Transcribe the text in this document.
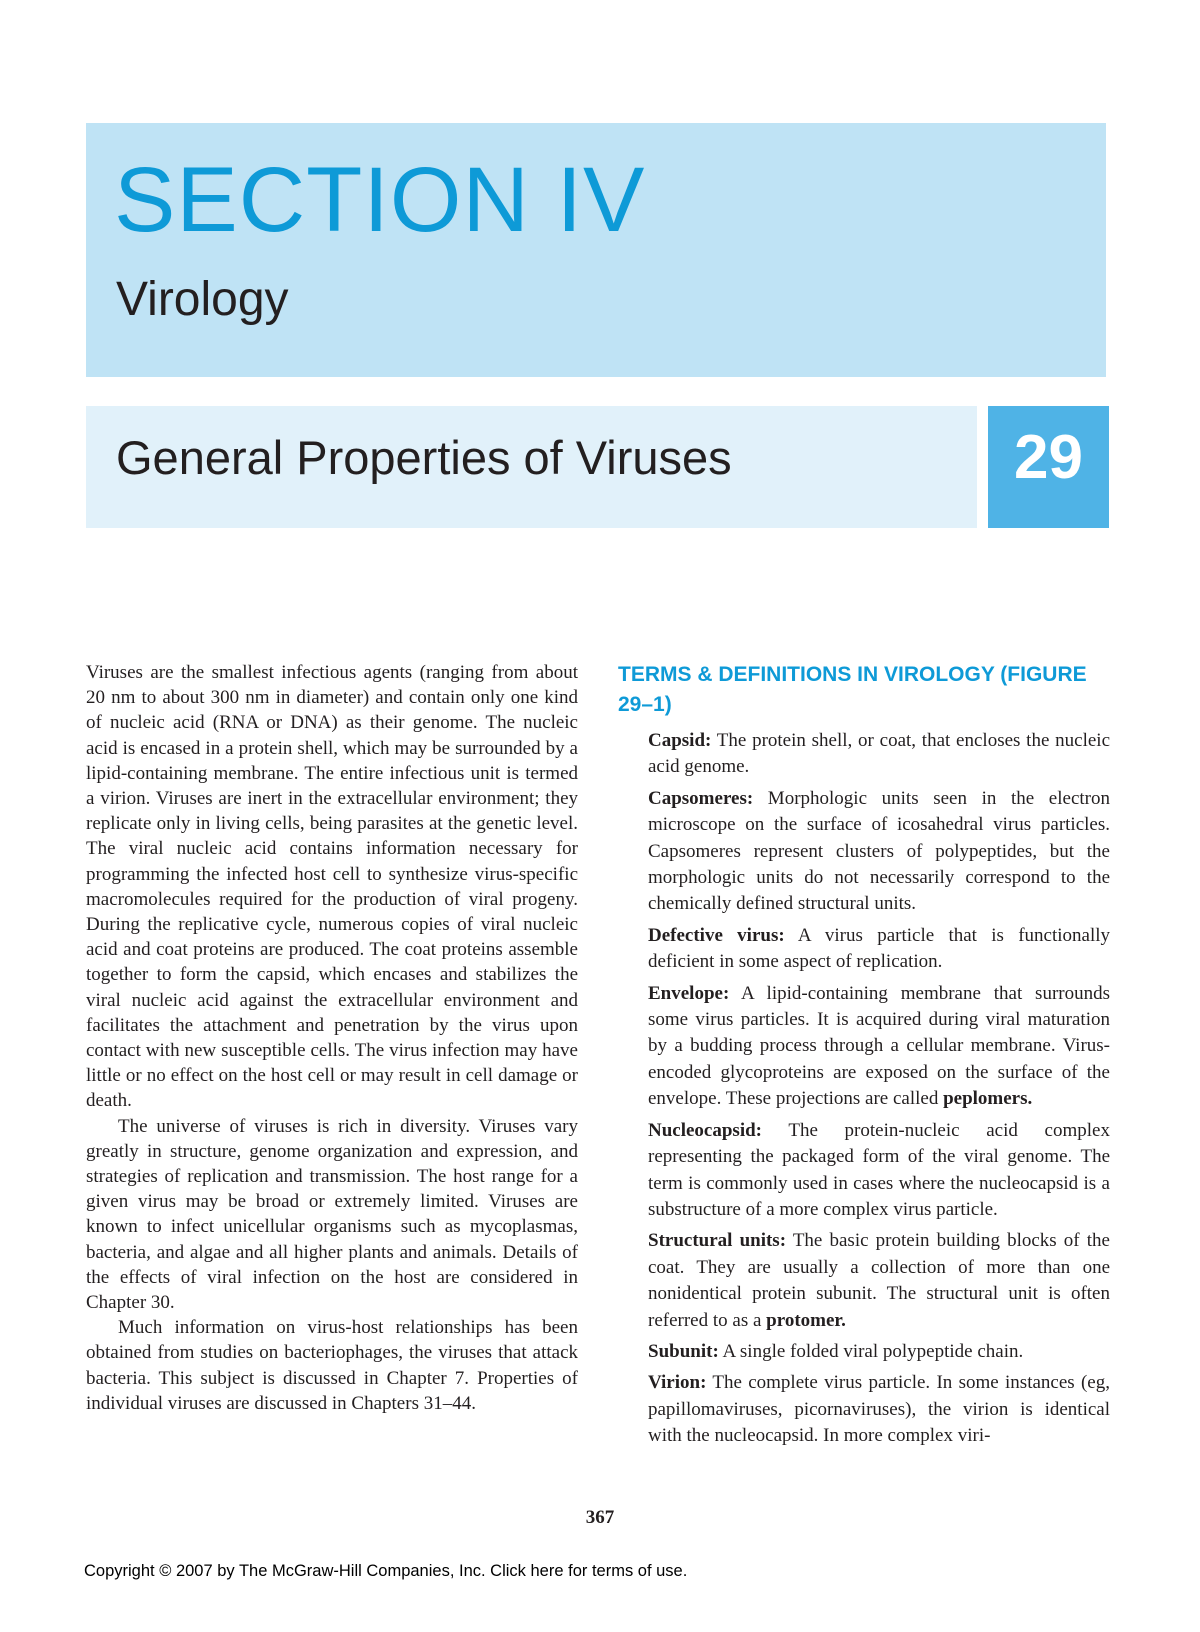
SECTION IV
Virology
General Properties of Viruses	29

Viruses are the smallest infectious agents (ranging from about 20 nm to about 300 nm in diameter) and contain only one kind of nucleic acid (RNA or DNA) as their genome. The nucleic acid is encased in a protein shell, which may be surrounded by a lipid-containing membrane. The entire infectious unit is termed a virion. Viruses are inert in the extracellular environment; they replicate only in living cells, being parasites at the genetic level. The viral nucleic acid contains information necessary for programming the infected host cell to synthesize virus-specific macromolecules required for the production of viral progeny. During the replicative cycle, numerous copies of viral nucleic acid and coat proteins are produced. The coat proteins assemble together to form the capsid, which encases and stabilizes the viral nucleic acid against the extracellular environment and facilitates the attachment and penetration by the virus upon contact with new susceptible cells. The virus infection may have little or no effect on the host cell or may result in cell damage or death.

The universe of viruses is rich in diversity. Viruses vary greatly in structure, genome organization and expression, and strategies of replication and transmission. The host range for a given virus may be broad or extremely limited. Viruses are known to infect unicellular organisms such as mycoplasmas, bacteria, and algae and all higher plants and animals. Details of the effects of viral infection on the host are considered in Chapter 30.

Much information on virus-host relationships has been obtained from studies on bacteriophages, the viruses that attack bacteria. This subject is discussed in Chapter 7. Properties of individual viruses are discussed in Chapters 31–44.

TERMS & DEFINITIONS IN VIROLOGY (FIGURE 29–1)

Capsid: The protein shell, or coat, that encloses the nucleic acid genome.

Capsomeres: Morphologic units seen in the electron microscope on the surface of icosahedral virus particles. Capsomeres represent clusters of polypeptides, but the morphologic units do not necessarily correspond to the chemically defined structural units.

Defective virus: A virus particle that is functionally deficient in some aspect of replication.

Envelope: A lipid-containing membrane that surrounds some virus particles. It is acquired during viral maturation by a budding process through a cellular membrane. Virus-encoded glycoproteins are exposed on the surface of the envelope. These projections are called peplomers.

Nucleocapsid: The protein-nucleic acid complex representing the packaged form of the viral genome. The term is commonly used in cases where the nucleocapsid is a substructure of a more complex virus particle.

Structural units: The basic protein building blocks of the coat. They are usually a collection of more than one nonidentical protein subunit. The structural unit is often referred to as a protomer.

Subunit: A single folded viral polypeptide chain.

Virion: The complete virus particle. In some instances (eg, papillomaviruses, picornaviruses), the virion is identical with the nucleocapsid. In more complex viri-

367
Copyright © 2007 by The McGraw-Hill Companies, Inc. Click here for terms of use.
